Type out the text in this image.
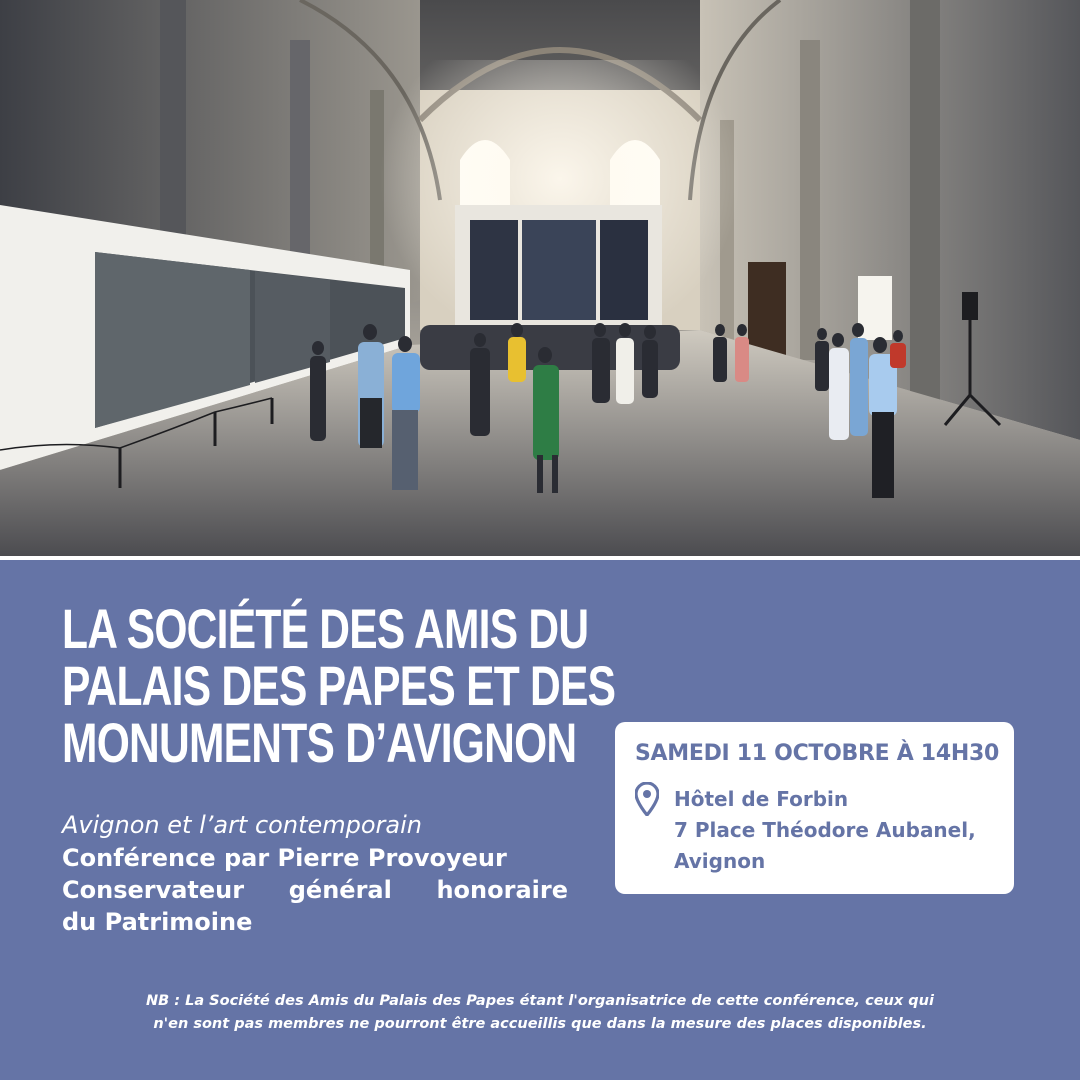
LA SOCIÉTÉ DES AMIS DU
PALAIS DES PAPES ET DES
MONUMENTS D’AVIGNON

Avignon et l’art contemporain

Conférence par Pierre Provoyeur
Conservateur général honoraire
du Patrimoine

SAMEDI 11 OCTOBRE À 14H30

Hôtel de Forbin
7 Place Théodore Aubanel,
Avignon

NB : La Société des Amis du Palais des Papes étant l'organisatrice de cette conférence, ceux qui
n'en sont pas membres ne pourront être accueillis que dans la mesure des places disponibles.
